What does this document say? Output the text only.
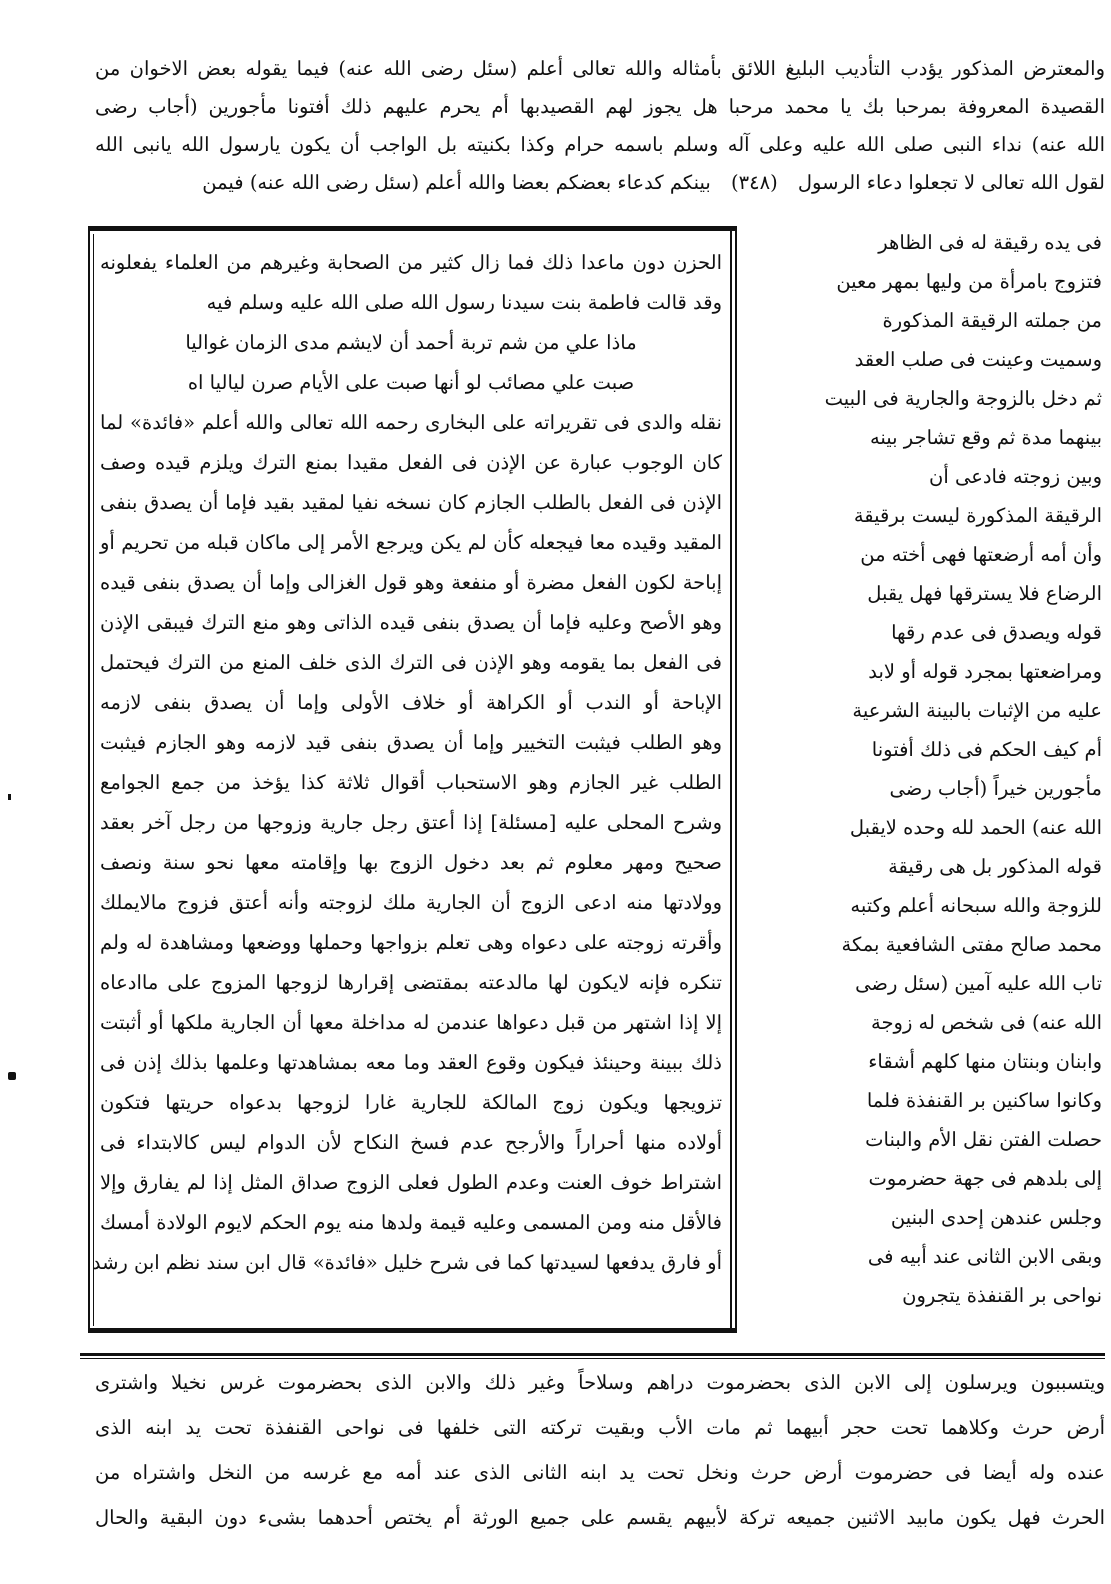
والمعترض المذكور يؤدب التأديب البليغ اللائق بأمثاله والله تعالى أعلم (سئل رضى الله عنه) فيما يقوله بعض الاخوان من
القصيدة المعروفة بمرحبا بك يا محمد مرحبا هل يجوز لهم القصيدبها أم يحرم عليهم ذلك أفتونا مأجورين (أجاب رضى
الله عنه) نداء النبى صلى الله عليه وعلى آله وسلم باسمه حرام وكذا بكنيته بل الواجب أن يكون يارسول الله يانبى الله
لقول الله تعالى لا تجعلوا دعاء الرسول (٣٤٨) بينكم كدعاء بعضكم بعضا والله أعلم (سئل رضى الله عنه) فيمن
فى يده رقيقة له فى الظاهر
فتزوج بامرأة من وليها بمهر معين
من جملته الرقيقة المذكورة
وسميت وعينت فى صلب العقد
ثم دخل بالزوجة والجارية فى البيت
بينهما مدة ثم وقع تشاجر بينه
وبين زوجته فادعى أن
الرقيقة المذكورة ليست برقيقة
وأن أمه أرضعتها فهى أخته من
الرضاع فلا يسترقها فهل يقبل
قوله ويصدق فى عدم رقها
ومراضعتها بمجرد قوله أو لابد
عليه من الإثبات بالبينة الشرعية
أم كيف الحكم فى ذلك أفتونا
مأجورين خيراً (أجاب رضى
الله عنه) الحمد لله وحده لايقبل
قوله المذكور بل هى رقيقة
للزوجة والله سبحانه أعلم وكتبه
محمد صالح مفتى الشافعية بمكة
تاب الله عليه آمين (سئل رضى
الله عنه) فى شخص له زوجة
وابنان وبنتان منها كلهم أشقاء
وكانوا ساكنين بر القنفذة فلما
حصلت الفتن نقل الأم والبنات
إلى بلدهم فى جهة حضرموت
وجلس عندهن إحدى البنين
وبقى الابن الثانى عند أبيه فى
نواحى بر القنفذة يتجرون
الحزن دون ماعدا ذلك فما زال كثير من الصحابة وغيرهم من العلماء يفعلونه
وقد قالت فاطمة بنت سيدنا رسول الله صلى الله عليه وسلم فيه
ماذا علي من شم تربة أحمد أن لايشم مدى الزمان غواليا
صبت علي مصائب لو أنها صبت على الأيام صرن لياليا اه
نقله والدى فى تقريراته على البخارى رحمه الله تعالى والله أعلم «فائدة» لما
كان الوجوب عبارة عن الإذن فى الفعل مقيدا بمنع الترك ويلزم قيده وصف
الإذن فى الفعل بالطلب الجازم كان نسخه نفيا لمقيد بقيد فإما أن يصدق بنفى
المقيد وقيده معا فيجعله كأن لم يكن ويرجع الأمر إلى ماكان قبله من تحريم أو
إباحة لكون الفعل مضرة أو منفعة وهو قول الغزالى وإما أن يصدق بنفى قيده
وهو الأصح وعليه فإما أن يصدق بنفى قيده الذاتى وهو منع الترك فيبقى الإذن
فى الفعل بما يقومه وهو الإذن فى الترك الذى خلف المنع من الترك فيحتمل
الإباحة أو الندب أو الكراهة أو خلاف الأولى وإما أن يصدق بنفى لازمه
وهو الطلب فيثبت التخيير وإما أن يصدق بنفى قيد لازمه وهو الجازم فيثبت
الطلب غير الجازم وهو الاستحباب أقوال ثلاثة كذا يؤخذ من جمع الجوامع
وشرح المحلى عليه [مسئلة] إذا أعتق رجل جارية وزوجها من رجل آخر بعقد
صحيح ومهر معلوم ثم بعد دخول الزوج بها وإقامته معها نحو سنة ونصف
وولادتها منه ادعى الزوج أن الجارية ملك لزوجته وأنه أعتق فزوج مالايملك
وأقرته زوجته على دعواه وهى تعلم بزواجها وحملها ووضعها ومشاهدة له ولم
تنكره فإنه لايكون لها مالدعته بمقتضى إقرارها لزوجها المزوج على ماادعاه
إلا إذا اشتهر من قبل دعواها عندمن له مداخلة معها أن الجارية ملكها أو أثبتت
ذلك ببينة وحينئذ فيكون وقوع العقد وما معه بمشاهدتها وعلمها بذلك إذن فى
تزويجها ويكون زوج المالكة للجارية غارا لزوجها بدعواه حريتها فتكون
أولاده منها أحراراً والأرجح عدم فسخ النكاح لأن الدوام ليس كالابتداء فى
اشتراط خوف العنت وعدم الطول فعلى الزوج صداق المثل إذا لم يفارق وإلا
فالأقل منه ومن المسمى وعليه قيمة ولدها منه يوم الحكم لايوم الولادة أمسك
أو فارق يدفعها لسيدتها كما فى شرح خليل «فائدة» قال ابن سند نظم ابن رشد
ويتسببون ويرسلون إلى الابن الذى بحضرموت دراهم وسلاحاً وغير ذلك والابن الذى بحضرموت غرس نخيلا واشترى
أرض حرث وكلاهما تحت حجر أبيهما ثم مات الأب وبقيت تركته التى خلفها فى نواحى القنفذة تحت يد ابنه الذى
عنده وله أيضا فى حضرموت أرض حرث ونخل تحت يد ابنه الثانى الذى عند أمه مع غرسه من النخل واشتراه من
الحرث فهل يكون مابيد الاثنين جميعه تركة لأبيهم يقسم على جميع الورثة أم يختص أحدهما بشىء دون البقية والحال
